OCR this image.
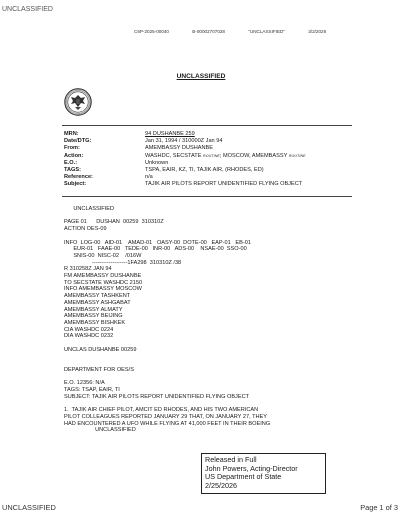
UNCLASSIFIED
C6P-2025-00040	B-00002707028	"UNCLASSIFIED"	3/2/2026
UNCLASSIFIED
MRN:	94 DUSHANBE 259
Date/DTG:	Jan 31, 1994 / 310000Z Jan 94
From:	AMEMBASSY DUSHANBE
Action:	WASHDC, SECSTATE ROUTINE; MOSCOW, AMEMBASSY ROUTINE
E.O.:	Unknown
TAGS:	TSPA, EAIR, KZ, TI, TAJIK AIR, (RHODES, ED)
Reference:	n/a
Subject:	TAJIK AIR PILOTS REPORT UNIDENTIFIED FLYING OBJECT
UNCLASSIFIED

PAGE 01      DUSHAN  00259  310310Z
ACTION OES-09

INFO  LOG-00   AID-01    AMAD-01   OASY-00  DOTE-00   EAP-01   EB-01
EUR-01   FAAE-00   TEDE-00   INR-00   ADS-00    NSAE-00  SSO-00
SNIS-00  NISC-02    /016W
-------------------1FA298  310310Z /38
R 310258Z JAN 94
FM AMEMBASSY DUSHANBE
TO SECSTATE WASHDC 2150
INFO AMEMBASSY MOSCOW
AMEMBASSY TASHKENT
AMEMBASSY ASHGABAT
AMEMBASSY ALMATY
AMEMBASSY BEIJING
AMEMBASSY BISHKEK
CIA WASHDC 0224
DIA WASHDC 0232

UNCLAS DUSHANBE 00259

DEPARTMENT FOR OES/S

E.O. 12356: N/A
TAGS: TSAP, EAIR, TI
SUBJECT: TAJIK AIR PILOTS REPORT UNIDENTIFIED FLYING OBJECT

1.  TAJIK AIR CHIEF PILOT, AMCIT ED RHODES, AND HIS TWO AMERICAN
PILOT COLLEAGUES REPORTED JANUARY 29 THAT, ON JANUARY 27, THEY
HAD ENCOUNTERED A UFO WHILE FLYING AT 41,000 FEET IN THEIR BOEING
UNCLASSIFIED
Released in Full
John Powers, Acting-Director
US Department of State
2/25/2026
UNCLASSIFIED	Page 1 of 3
